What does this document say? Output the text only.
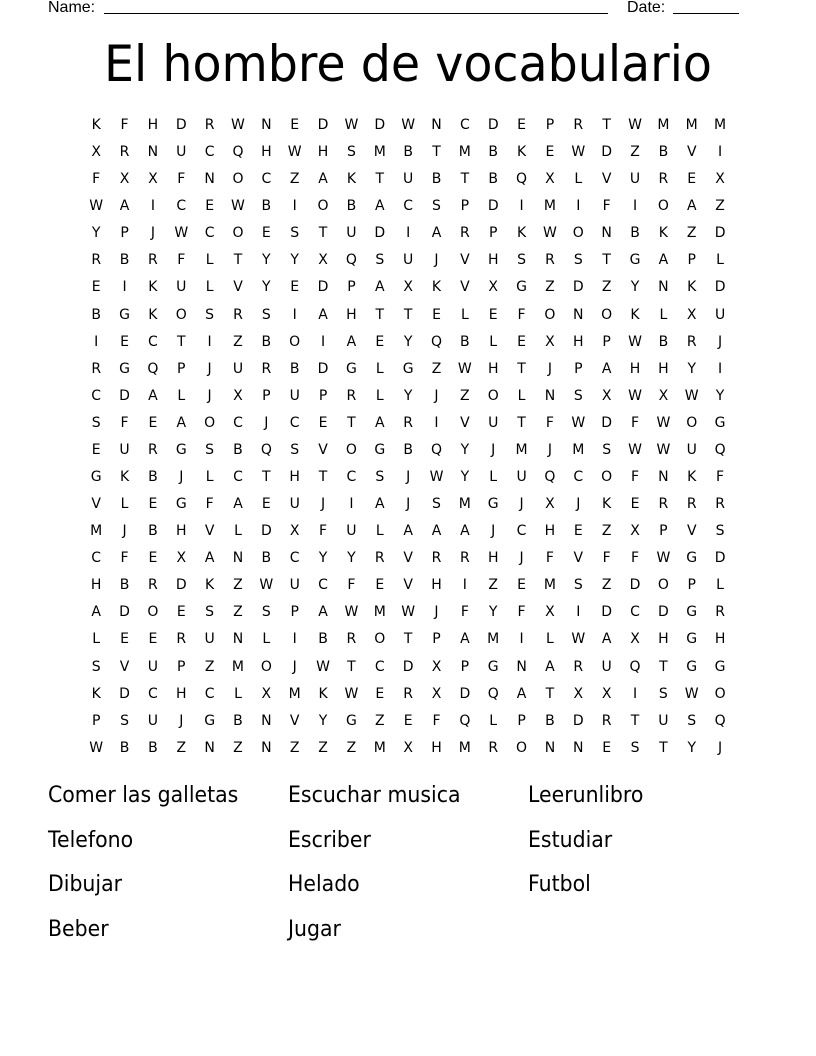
Name:	Date:
El hombre de vocabulario
K	F	H	D	R	W	N	E	D	W	D	W	N	C	D	E	P	R	T	W	M	M	M
X	R	N	U	C	Q	H	W	H	S	M	B	T	M	B	K	E	W	D	Z	B	V	I
F	X	X	F	N	O	C	Z	A	K	T	U	B	T	B	Q	X	L	V	U	R	E	X
W	A	I	C	E	W	B	I	O	B	A	C	S	P	D	I	M	I	F	I	O	A	Z
Y	P	J	W	C	O	E	S	T	U	D	I	A	R	P	K	W	O	N	B	K	Z	D
R	B	R	F	L	T	Y	Y	X	Q	S	U	J	V	H	S	R	S	T	G	A	P	L
E	I	K	U	L	V	Y	E	D	P	A	X	K	V	X	G	Z	D	Z	Y	N	K	D
B	G	K	O	S	R	S	I	A	H	T	T	E	L	E	F	O	N	O	K	L	X	U
I	E	C	T	I	Z	B	O	I	A	E	Y	Q	B	L	E	X	H	P	W	B	R	J
R	G	Q	P	J	U	R	B	D	G	L	G	Z	W	H	T	J	P	A	H	H	Y	I
C	D	A	L	J	X	P	U	P	R	L	Y	J	Z	O	L	N	S	X	W	X	W	Y
S	F	E	A	O	C	J	C	E	T	A	R	I	V	U	T	F	W	D	F	W	O	G
E	U	R	G	S	B	Q	S	V	O	G	B	Q	Y	J	M	J	M	S	W	W	U	Q
G	K	B	J	L	C	T	H	T	C	S	J	W	Y	L	U	Q	C	O	F	N	K	F
V	L	E	G	F	A	E	U	J	I	A	J	S	M	G	J	X	J	K	E	R	R	R
M	J	B	H	V	L	D	X	F	U	L	A	A	A	J	C	H	E	Z	X	P	V	S
C	F	E	X	A	N	B	C	Y	Y	R	V	R	R	H	J	F	V	F	F	W	G	D
H	B	R	D	K	Z	W	U	C	F	E	V	H	I	Z	E	M	S	Z	D	O	P	L
A	D	O	E	S	Z	S	P	A	W	M	W	J	F	Y	F	X	I	D	C	D	G	R
L	E	E	R	U	N	L	I	B	R	O	T	P	A	M	I	L	W	A	X	H	G	H
S	V	U	P	Z	M	O	J	W	T	C	D	X	P	G	N	A	R	U	Q	T	G	G
K	D	C	H	C	L	X	M	K	W	E	R	X	D	Q	A	T	X	X	I	S	W	O
P	S	U	J	G	B	N	V	Y	G	Z	E	F	Q	L	P	B	D	R	T	U	S	Q
W	B	B	Z	N	Z	N	Z	Z	Z	M	X	H	M	R	O	N	N	E	S	T	Y	J
Comer las galletas	Escuchar musica	Leerunlibro
Telefono	Escriber	Estudiar
Dibujar	Helado	Futbol
Beber	Jugar
